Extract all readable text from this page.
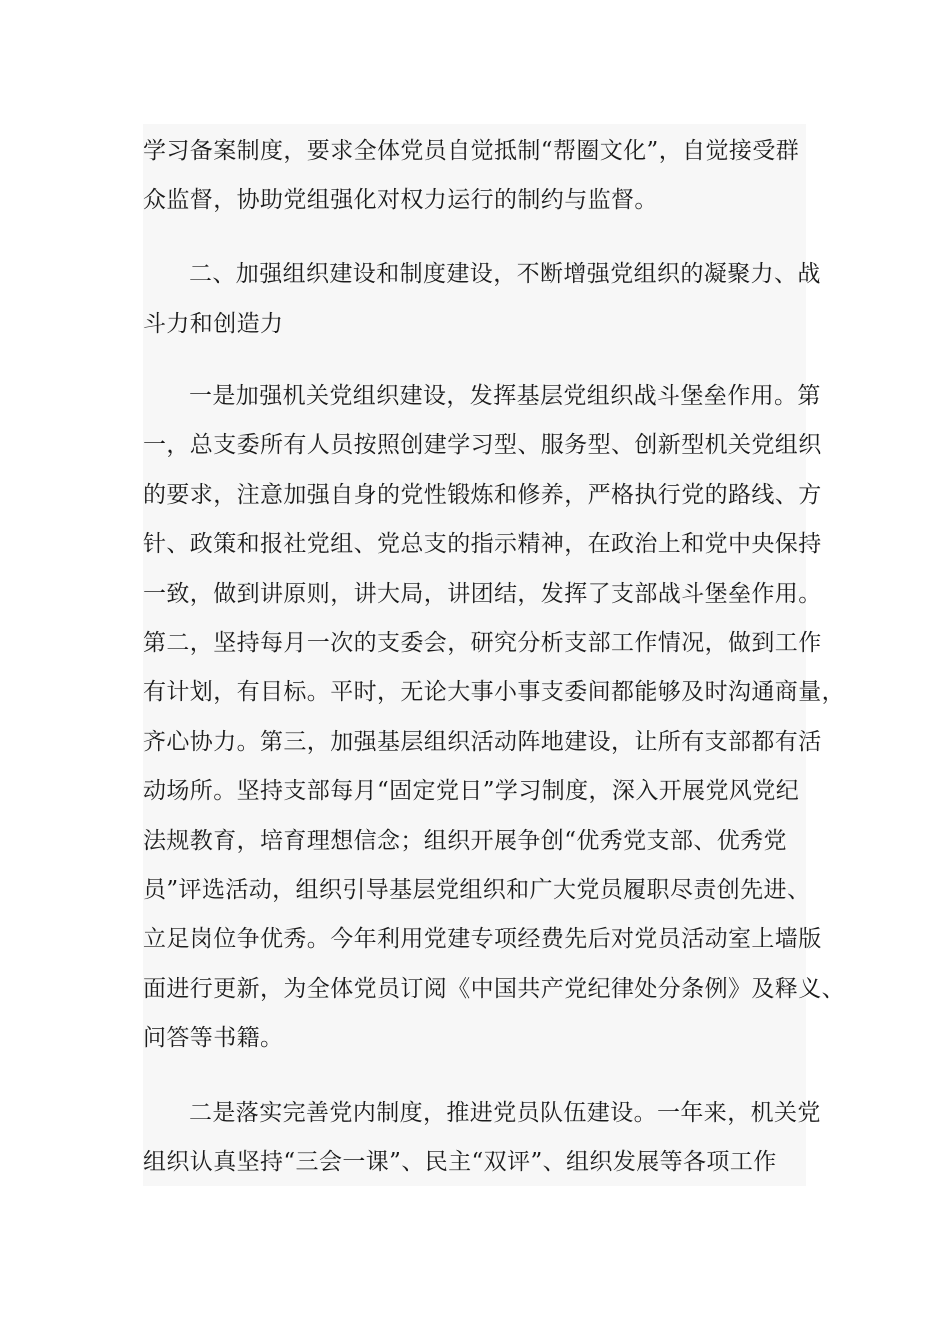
学习备案制度，要求全体党员自觉抵制“帮圈文化”，自觉接受群
众监督，协助党组强化对权力运行的制约与监督。
二、加强组织建设和制度建设，不断增强党组织的凝聚力、战
斗力和创造力
一是加强机关党组织建设，发挥基层党组织战斗堡垒作用。第
一，总支委所有人员按照创建学习型、服务型、创新型机关党组织
的要求，注意加强自身的党性锻炼和修养，严格执行党的路线、方
针、政策和报社党组、党总支的指示精神，在政治上和党中央保持
一致，做到讲原则，讲大局，讲团结，发挥了支部战斗堡垒作用。
第二，坚持每月一次的支委会，研究分析支部工作情况，做到工作
有计划，有目标。平时，无论大事小事支委间都能够及时沟通商量，
齐心协力。第三，加强基层组织活动阵地建设，让所有支部都有活
动场所。坚持支部每月“固定党日”学习制度，深入开展党风党纪
法规教育，培育理想信念；组织开展争创“优秀党支部、优秀党
员”评选活动，组织引导基层党组织和广大党员履职尽责创先进、
立足岗位争优秀。今年利用党建专项经费先后对党员活动室上墙版
面进行更新，为全体党员订阅《中国共产党纪律处分条例》及释义、
问答等书籍。
二是落实完善党内制度，推进党员队伍建设。一年来，机关党
组织认真坚持“三会一课”、民主“双评”、组织发展等各项工作
